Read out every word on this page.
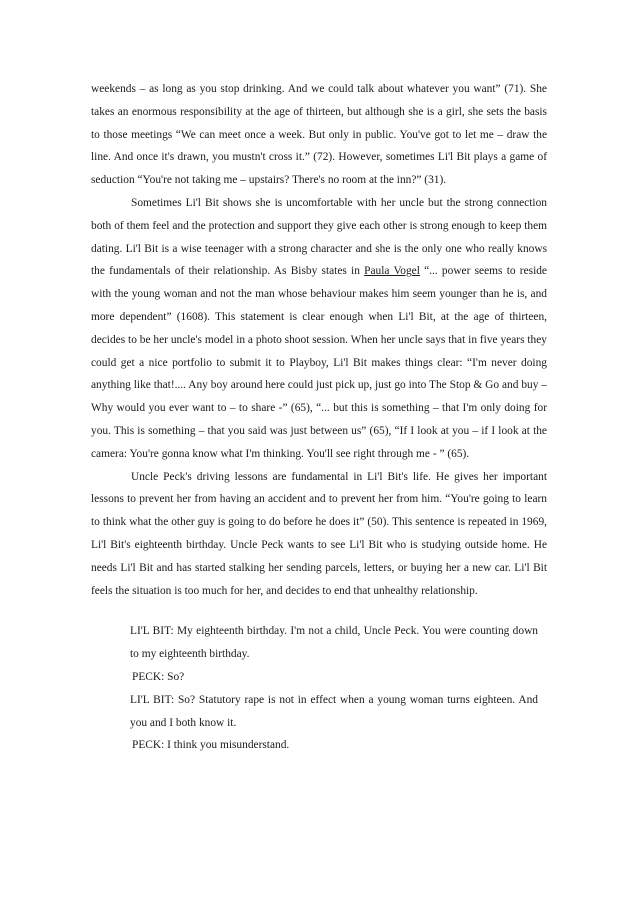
weekends – as long as you stop drinking. And we could talk about whatever you want” (71). She takes an enormous responsibility at the age of thirteen, but although she is a girl, she sets the basis to those meetings “We can meet once a week. But only in public. You've got to let me – draw the line. And once it's drawn, you mustn't cross it.” (72). However, sometimes Li'l Bit plays a game of seduction “You're not taking me – upstairs? There's no room at the inn?” (31).

Sometimes Li'l Bit shows she is uncomfortable with her uncle but the strong connection both of them feel and the protection and support they give each other is strong enough to keep them dating. Li'l Bit is a wise teenager with a strong character and she is the only one who really knows the fundamentals of their relationship. As Bisby states in Paula Vogel “... power seems to reside with the young woman and not the man whose behaviour makes him seem younger than he is, and more dependent” (1608). This statement is clear enough when Li'l Bit, at the age of thirteen, decides to be her uncle's model in a photo shoot session. When her uncle says that in five years they could get a nice portfolio to submit it to Playboy, Li'l Bit makes things clear: “I'm never doing anything like that!.... Any boy around here could just pick up, just go into The Stop & Go and buy – Why would you ever want to – to share -” (65), “... but this is something – that I'm only doing for you. This is something – that you said was just between us” (65), “If I look at you – if I look at the camera: You're gonna know what I'm thinking. You'll see right through me - ” (65).

Uncle Peck's driving lessons are fundamental in Li'l Bit's life. He gives her important lessons to prevent her from having an accident and to prevent her from him. “You're going to learn to think what the other guy is going to do before he does it” (50). This sentence is repeated in 1969, Li'l Bit's eighteenth birthday. Uncle Peck wants to see Li'l Bit who is studying outside home. He needs Li'l Bit and has started stalking her sending parcels, letters, or buying her a new car. Li'l Bit feels the situation is too much for her, and decides to end that unhealthy relationship.

LI'L BIT: My eighteenth birthday. I'm not a child, Uncle Peck. You were counting down to my eighteenth birthday.

PECK: So?

LI'L BIT: So? Statutory rape is not in effect when a young woman turns eighteen. And you and I both know it.

PECK: I think you misunderstand.
